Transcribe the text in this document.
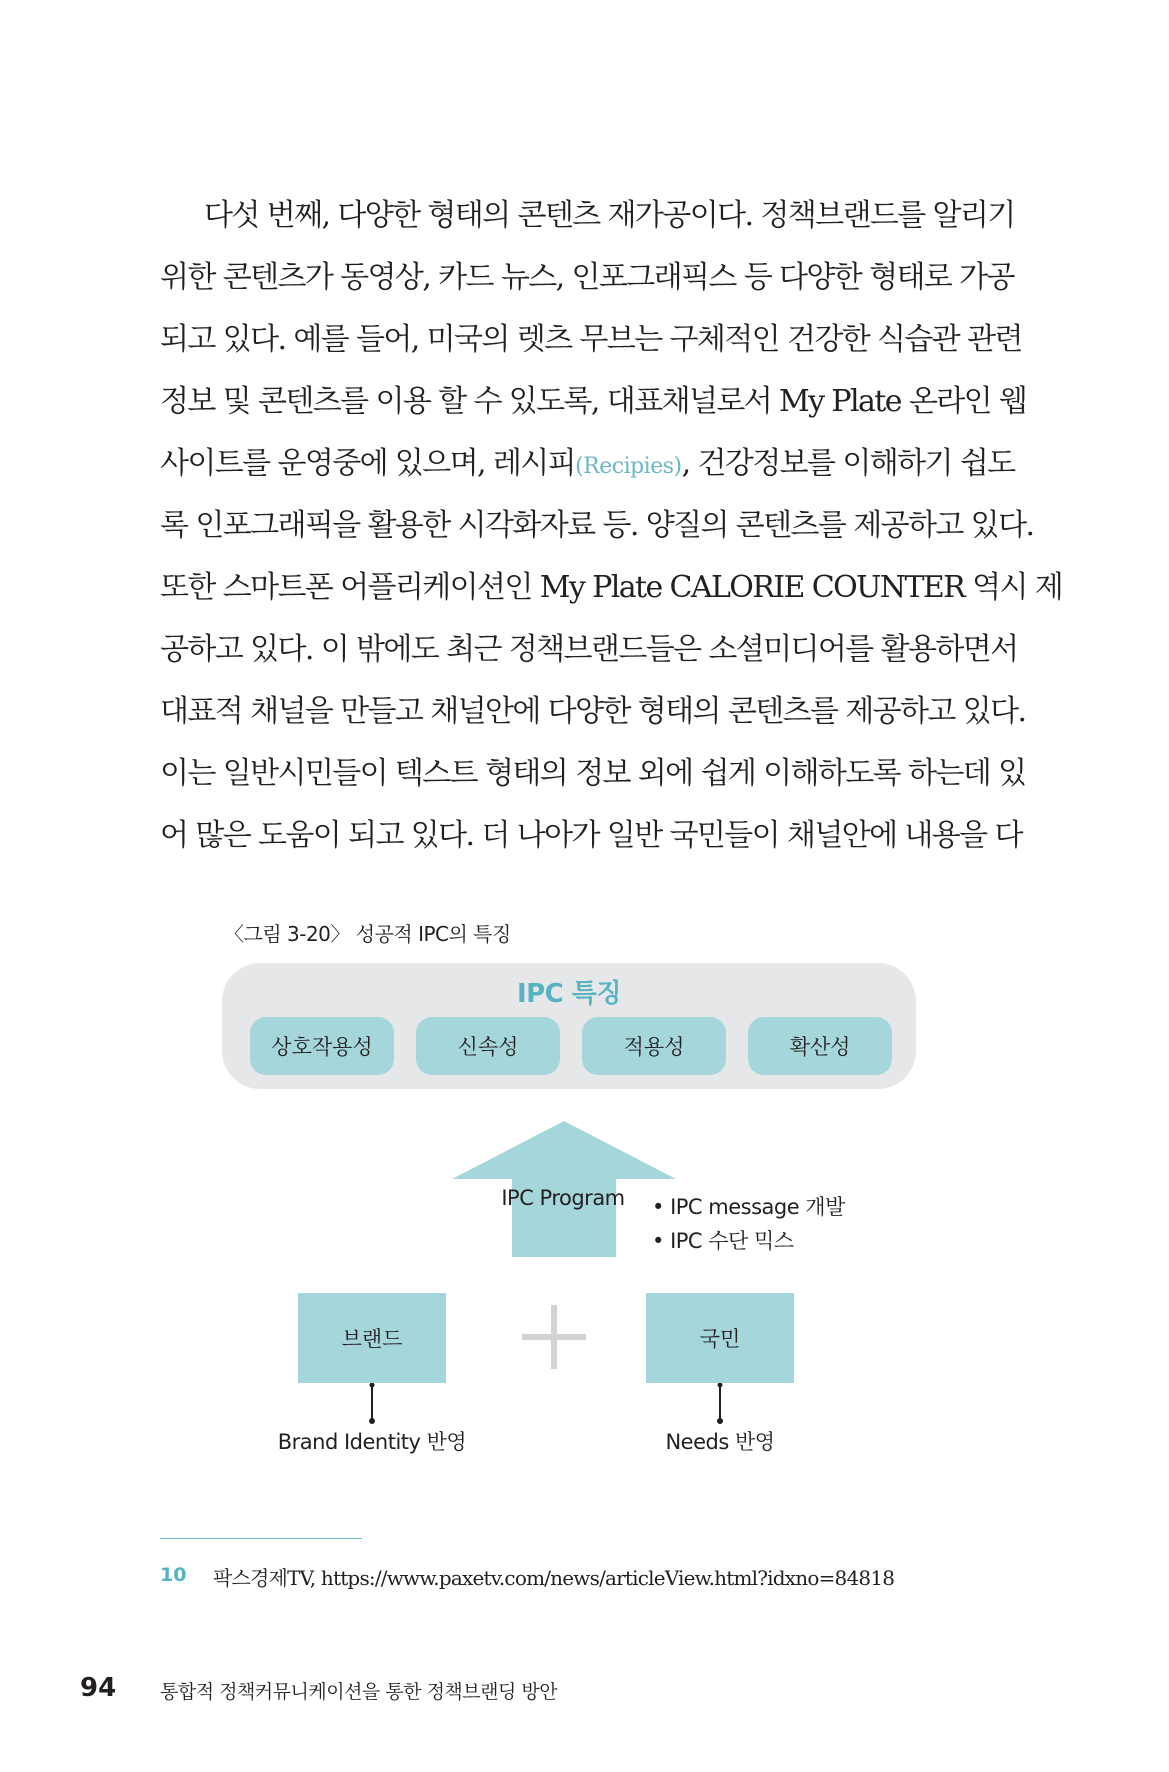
다섯 번째, 다양한 형태의 콘텐츠 재가공이다. 정책브랜드를 알리기
위한 콘텐츠가 동영상, 카드 뉴스, 인포그래픽스 등 다양한 형태로 가공
되고 있다. 예를 들어, 미국의 렛츠 무브는 구체적인 건강한 식습관 관련
정보 및 콘텐츠를 이용 할 수 있도록, 대표채널로서 My Plate 온라인 웹
사이트를 운영중에 있으며, 레시피(Recipies), 건강정보를 이해하기 쉽도
록 인포그래픽을 활용한 시각화자료 등. 양질의 콘텐츠를 제공하고 있다.
또한 스마트폰 어플리케이션인 My Plate CALORIE COUNTER 역시 제
공하고 있다. 이 밖에도 최근 정책브랜드들은 소셜미디어를 활용하면서
대표적 채널을 만들고 채널안에 다양한 형태의 콘텐츠를 제공하고 있다.
이는 일반시민들이 텍스트 형태의 정보 외에 쉽게 이해하도록 하는데 있
어 많은 도움이 되고 있다. 더 나아가 일반 국민들이 채널안에 내용을 다
〈그림 3-20〉 성공적 IPC의 특징
IPC 특징
상호작용성	신속성	적용성	확산성
IPC Program
•	IPC message 개발
• IPC 수단 믹스
브랜드	국민
Brand Identity 반영	Needs 반영
10 팍스경제TV, https://www.paxetv.com/news/articleView.html?idxno=84818
94 통합적 정책커뮤니케이션을 통한 정책브랜딩 방안
